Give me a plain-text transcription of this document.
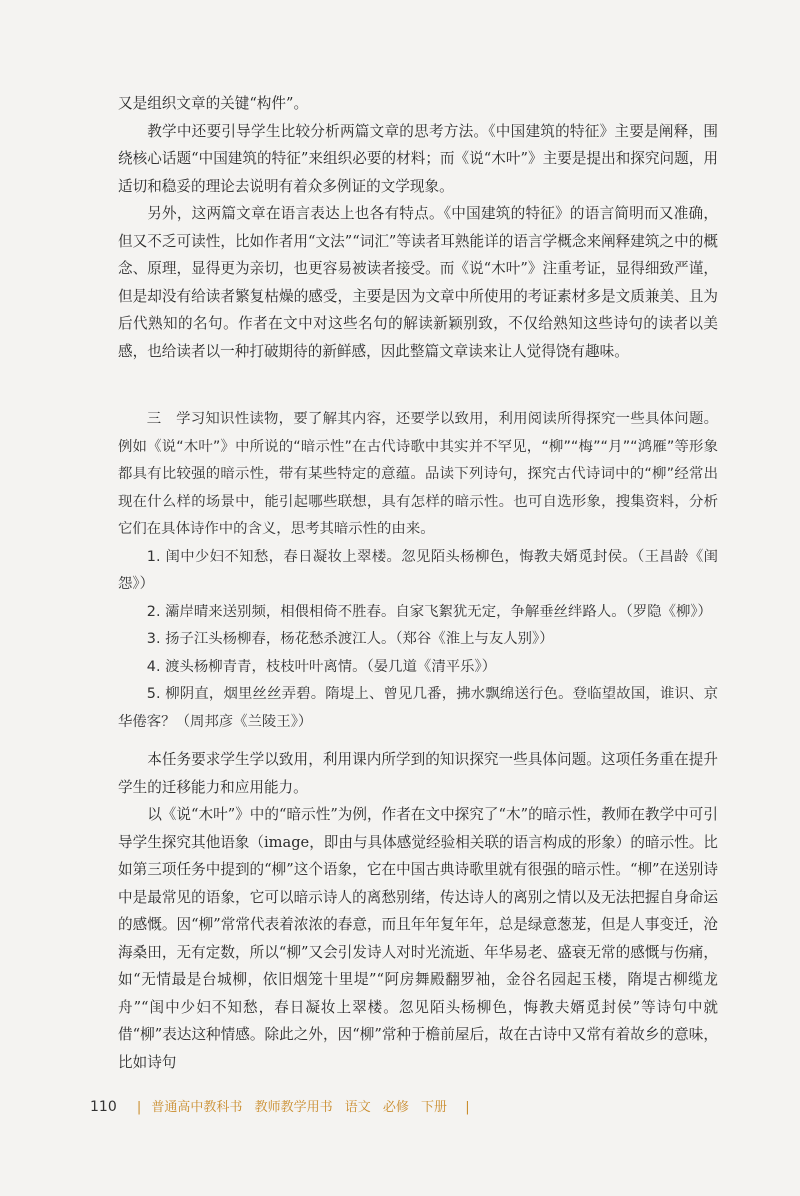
又是组织文章的关键“构件”。

教学中还要引导学生比较分析两篇文章的思考方法。《中国建筑的特征》主要是阐释，围绕核心话题“中国建筑的特征”来组织必要的材料；而《说“木叶”》主要是提出和探究问题，用适切和稳妥的理论去说明有着众多例证的文学现象。

另外，这两篇文章在语言表达上也各有特点。《中国建筑的特征》的语言简明而又准确，但又不乏可读性，比如作者用“文法”“词汇”等读者耳熟能详的语言学概念来阐释建筑之中的概念、原理，显得更为亲切，也更容易被读者接受。而《说“木叶”》注重考证，显得细致严谨，但是却没有给读者繁复枯燥的感受，主要是因为文章中所使用的考证素材多是文质兼美、且为后代熟知的名句。作者在文中对这些名句的解读新颖别致，不仅给熟知这些诗句的读者以美感，也给读者以一种打破期待的新鲜感，因此整篇文章读来让人觉得饶有趣味。

三　学习知识性读物，要了解其内容，还要学以致用，利用阅读所得探究一些具体问题。例如《说“木叶”》中所说的“暗示性”在古代诗歌中其实并不罕见，“柳”“梅”“月”“鸿雁”等形象都具有比较强的暗示性，带有某些特定的意蕴。品读下列诗句，探究古代诗词中的“柳”经常出现在什么样的场景中，能引起哪些联想，具有怎样的暗示性。也可自选形象，搜集资料，分析它们在具体诗作中的含义，思考其暗示性的由来。

1. 闺中少妇不知愁，春日凝妆上翠楼。忽见陌头杨柳色，悔教夫婿觅封侯。（王昌龄《闺怨》）

2. 灞岸晴来送别频，相偎相倚不胜春。自家飞絮犹无定，争解垂丝绊路人。（罗隐《柳》）

3. 扬子江头杨柳春，杨花愁杀渡江人。（郑谷《淮上与友人别》）

4. 渡头杨柳青青，枝枝叶叶离情。（晏几道《清平乐》）

5. 柳阴直，烟里丝丝弄碧。隋堤上、曾见几番，拂水飘绵送行色。登临望故国，谁识、京华倦客？（周邦彦《兰陵王》）

本任务要求学生学以致用，利用课内所学到的知识探究一些具体问题。这项任务重在提升学生的迁移能力和应用能力。

以《说“木叶”》中的“暗示性”为例，作者在文中探究了“木”的暗示性，教师在教学中可引导学生探究其他语象（image，即由与具体感觉经验相关联的语言构成的形象）的暗示性。比如第三项任务中提到的“柳”这个语象，它在中国古典诗歌里就有很强的暗示性。“柳”在送别诗中是最常见的语象，它可以暗示诗人的离愁别绪，传达诗人的离别之情以及无法把握自身命运的感慨。因“柳”常常代表着浓浓的春意，而且年年复年年，总是绿意葱茏，但是人事变迁，沧海桑田，无有定数，所以“柳”又会引发诗人对时光流逝、年华易老、盛衰无常的感慨与伤痛，如“无情最是台城柳，依旧烟笼十里堤”“阿房舞殿翻罗袖，金谷名园起玉楼，隋堤古柳缆龙舟”“闺中少妇不知愁，春日凝妆上翠楼。忽见陌头杨柳色，悔教夫婿觅封侯”等诗句中就借“柳”表达这种情感。除此之外，因“柳”常种于檐前屋后，故在古诗中又常有着故乡的意味，比如诗句

110 | 普通高中教科书 教师教学用书 语文 必修 下册 |
